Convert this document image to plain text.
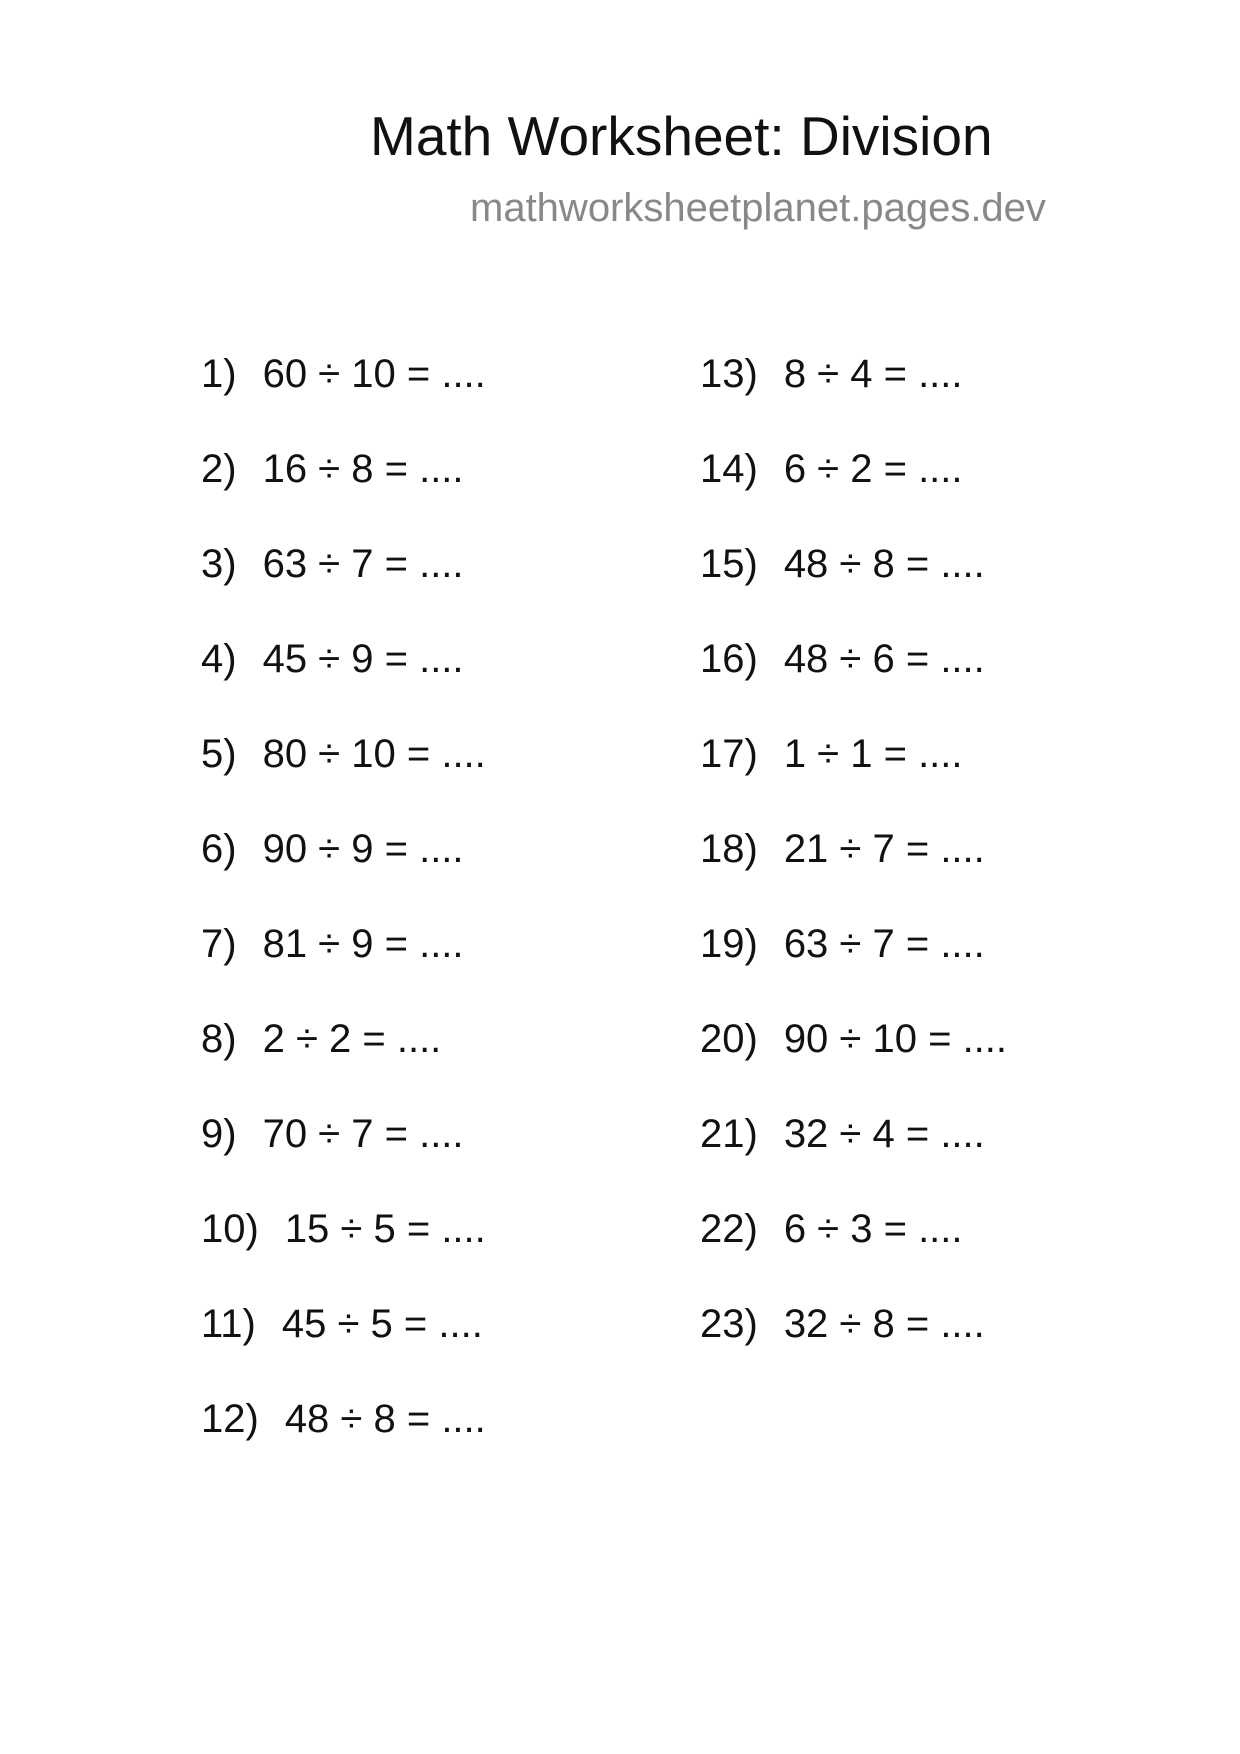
Math Worksheet: Division
mathworksheetplanet.pages.dev
1) 60 ÷ 10 = ....
2) 16 ÷ 8 = ....
3) 63 ÷ 7 = ....
4) 45 ÷ 9 = ....
5) 80 ÷ 10 = ....
6) 90 ÷ 9 = ....
7) 81 ÷ 9 = ....
8) 2 ÷ 2 = ....
9) 70 ÷ 7 = ....
10) 15 ÷ 5 = ....
11) 45 ÷ 5 = ....
12) 48 ÷ 8 = ....
13) 8 ÷ 4 = ....
14) 6 ÷ 2 = ....
15) 48 ÷ 8 = ....
16) 48 ÷ 6 = ....
17) 1 ÷ 1 = ....
18) 21 ÷ 7 = ....
19) 63 ÷ 7 = ....
20) 90 ÷ 10 = ....
21) 32 ÷ 4 = ....
22) 6 ÷ 3 = ....
23) 32 ÷ 8 = ....
